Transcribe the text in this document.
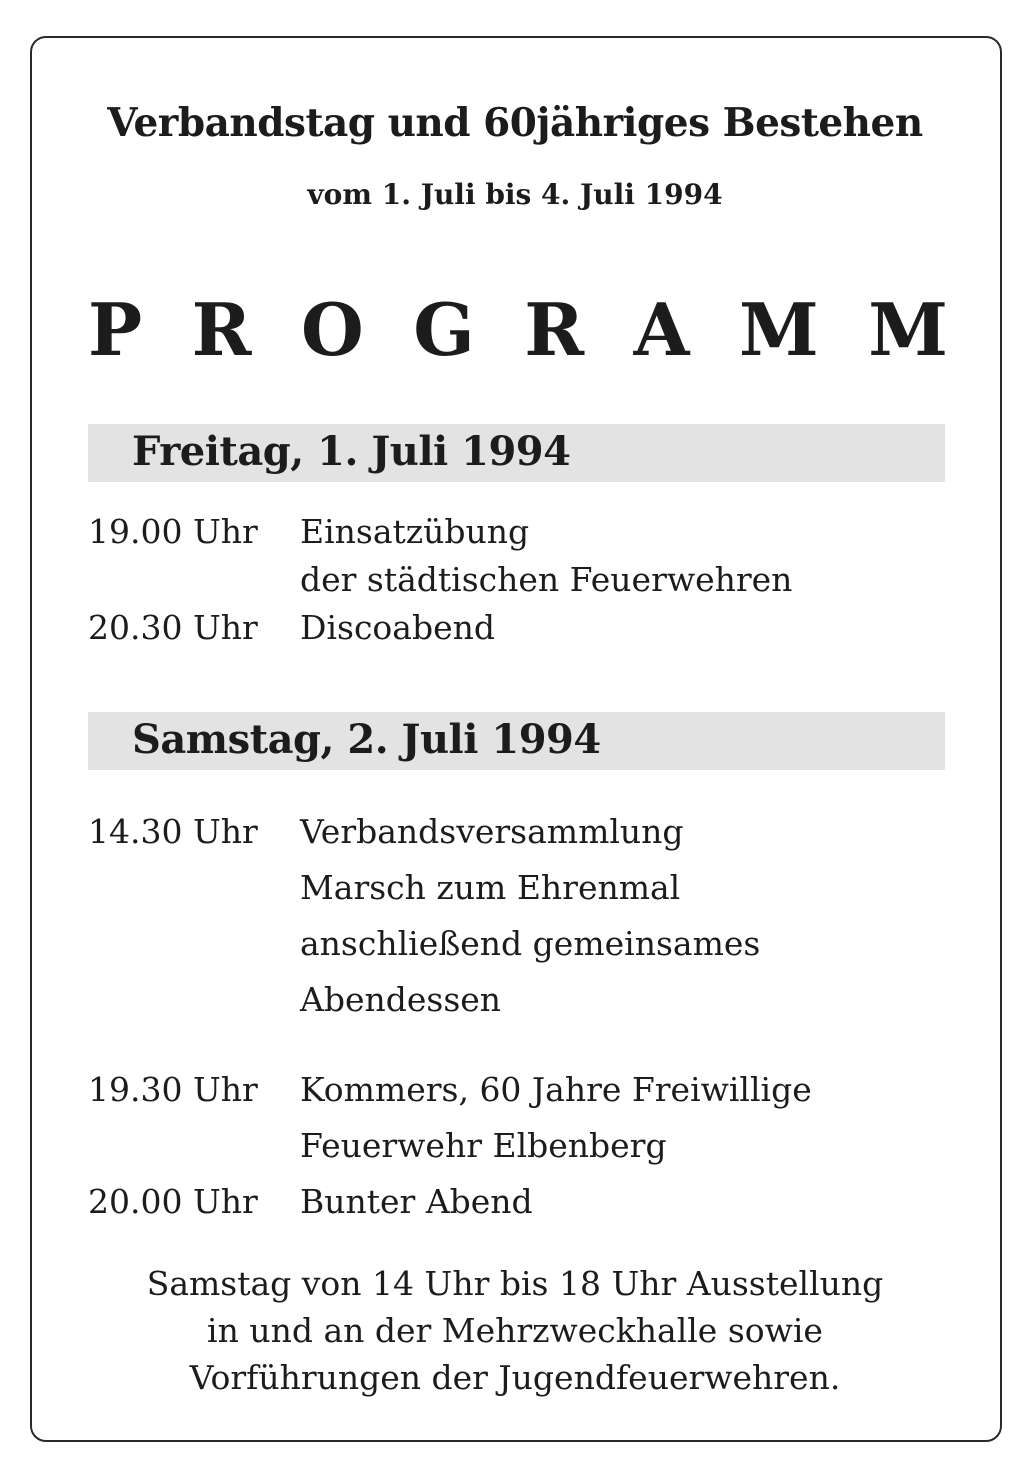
Verbandstag und 60jähriges Bestehen
vom 1. Juli bis 4. Juli 1994
P R O G R A M M
Freitag, 1. Juli 1994
19.00 Uhr Einsatzübung
der städtischen Feuerwehren
20.30 Uhr Discoabend
Samstag, 2. Juli 1994
14.30 Uhr Verbandsversammlung
Marsch zum Ehrenmal
anschließend gemeinsames
Abendessen
19.30 Uhr Kommers, 60 Jahre Freiwillige
Feuerwehr Elbenberg
20.00 Uhr Bunter Abend
Samstag von 14 Uhr bis 18 Uhr Ausstellung
in und an der Mehrzweckhalle sowie
Vorführungen der Jugendfeuerwehren.
